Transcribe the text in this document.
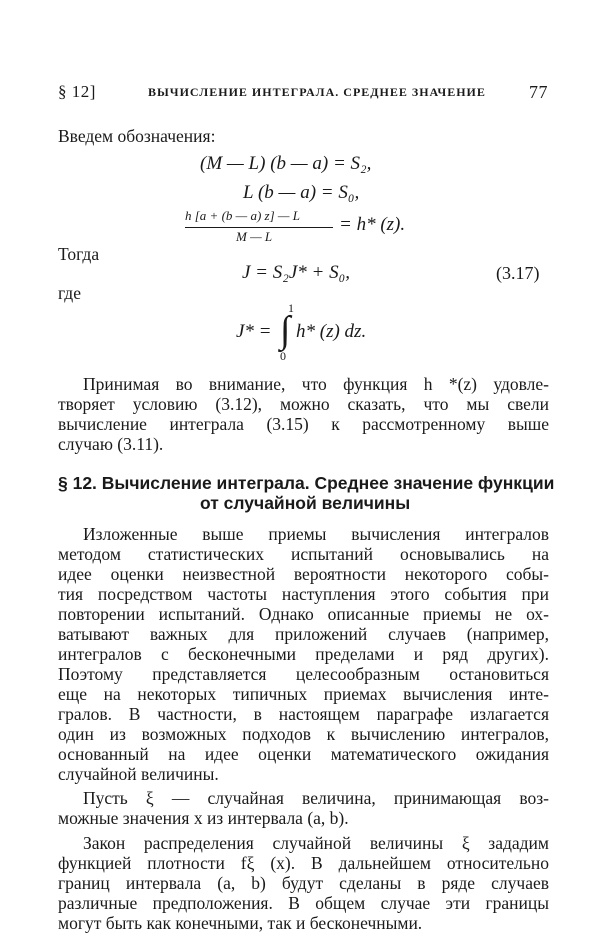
§ 12]	ВЫЧИСЛЕНИЕ ИНТЕГРАЛА. СРЕДНЕЕ ЗНАЧЕНИЕ 77
Введем обозначения:
(M — L) (b — a) = S₂,
L (b — a) = S₀,
h [a + (b — a) z] — L
M — L
= h* (z).
Тогда
J = S₂J* + S₀,	(3.17)
где
1
J* = ∫ h* (z) dz.
0
Принимая во внимание, что функция h *(z) удовле-
творяет условию (3.12), можно сказать, что мы свели
вычисление интеграла (3.15) к рассмотренному выше
случаю (3.11).
§ 12. Вычисление интеграла. Среднее значение функции
от случайной величины
Изложенные выше приемы вычисления интегралов
методом статистических испытаний основывались на
идее оценки неизвестной вероятности некоторого собы-
тия посредством частоты наступления этого события при
повторении испытаний. Однако описанные приемы не ох-
ватывают важных для приложений случаев (например,
интегралов с бесконечными пределами и ряд других).
Поэтому представляется целесообразным остановиться
еще на некоторых типичных приемах вычисления инте-
гралов. В частности, в настоящем параграфе излагается
один из возможных подходов к вычислению интегралов,
основанный на идее оценки математического ожидания
случайной величины.
Пусть ξ — случайная величина, принимающая воз-
можные значения x из интервала (a, b).
Закон распределения случайной величины ξ зададим
функцией плотности fξ (x). В дальнейшем относительно
границ интервала (a, b) будут сделаны в ряде случаев
различные предположения. В общем случае эти границы
могут быть как конечными, так и бесконечными.
